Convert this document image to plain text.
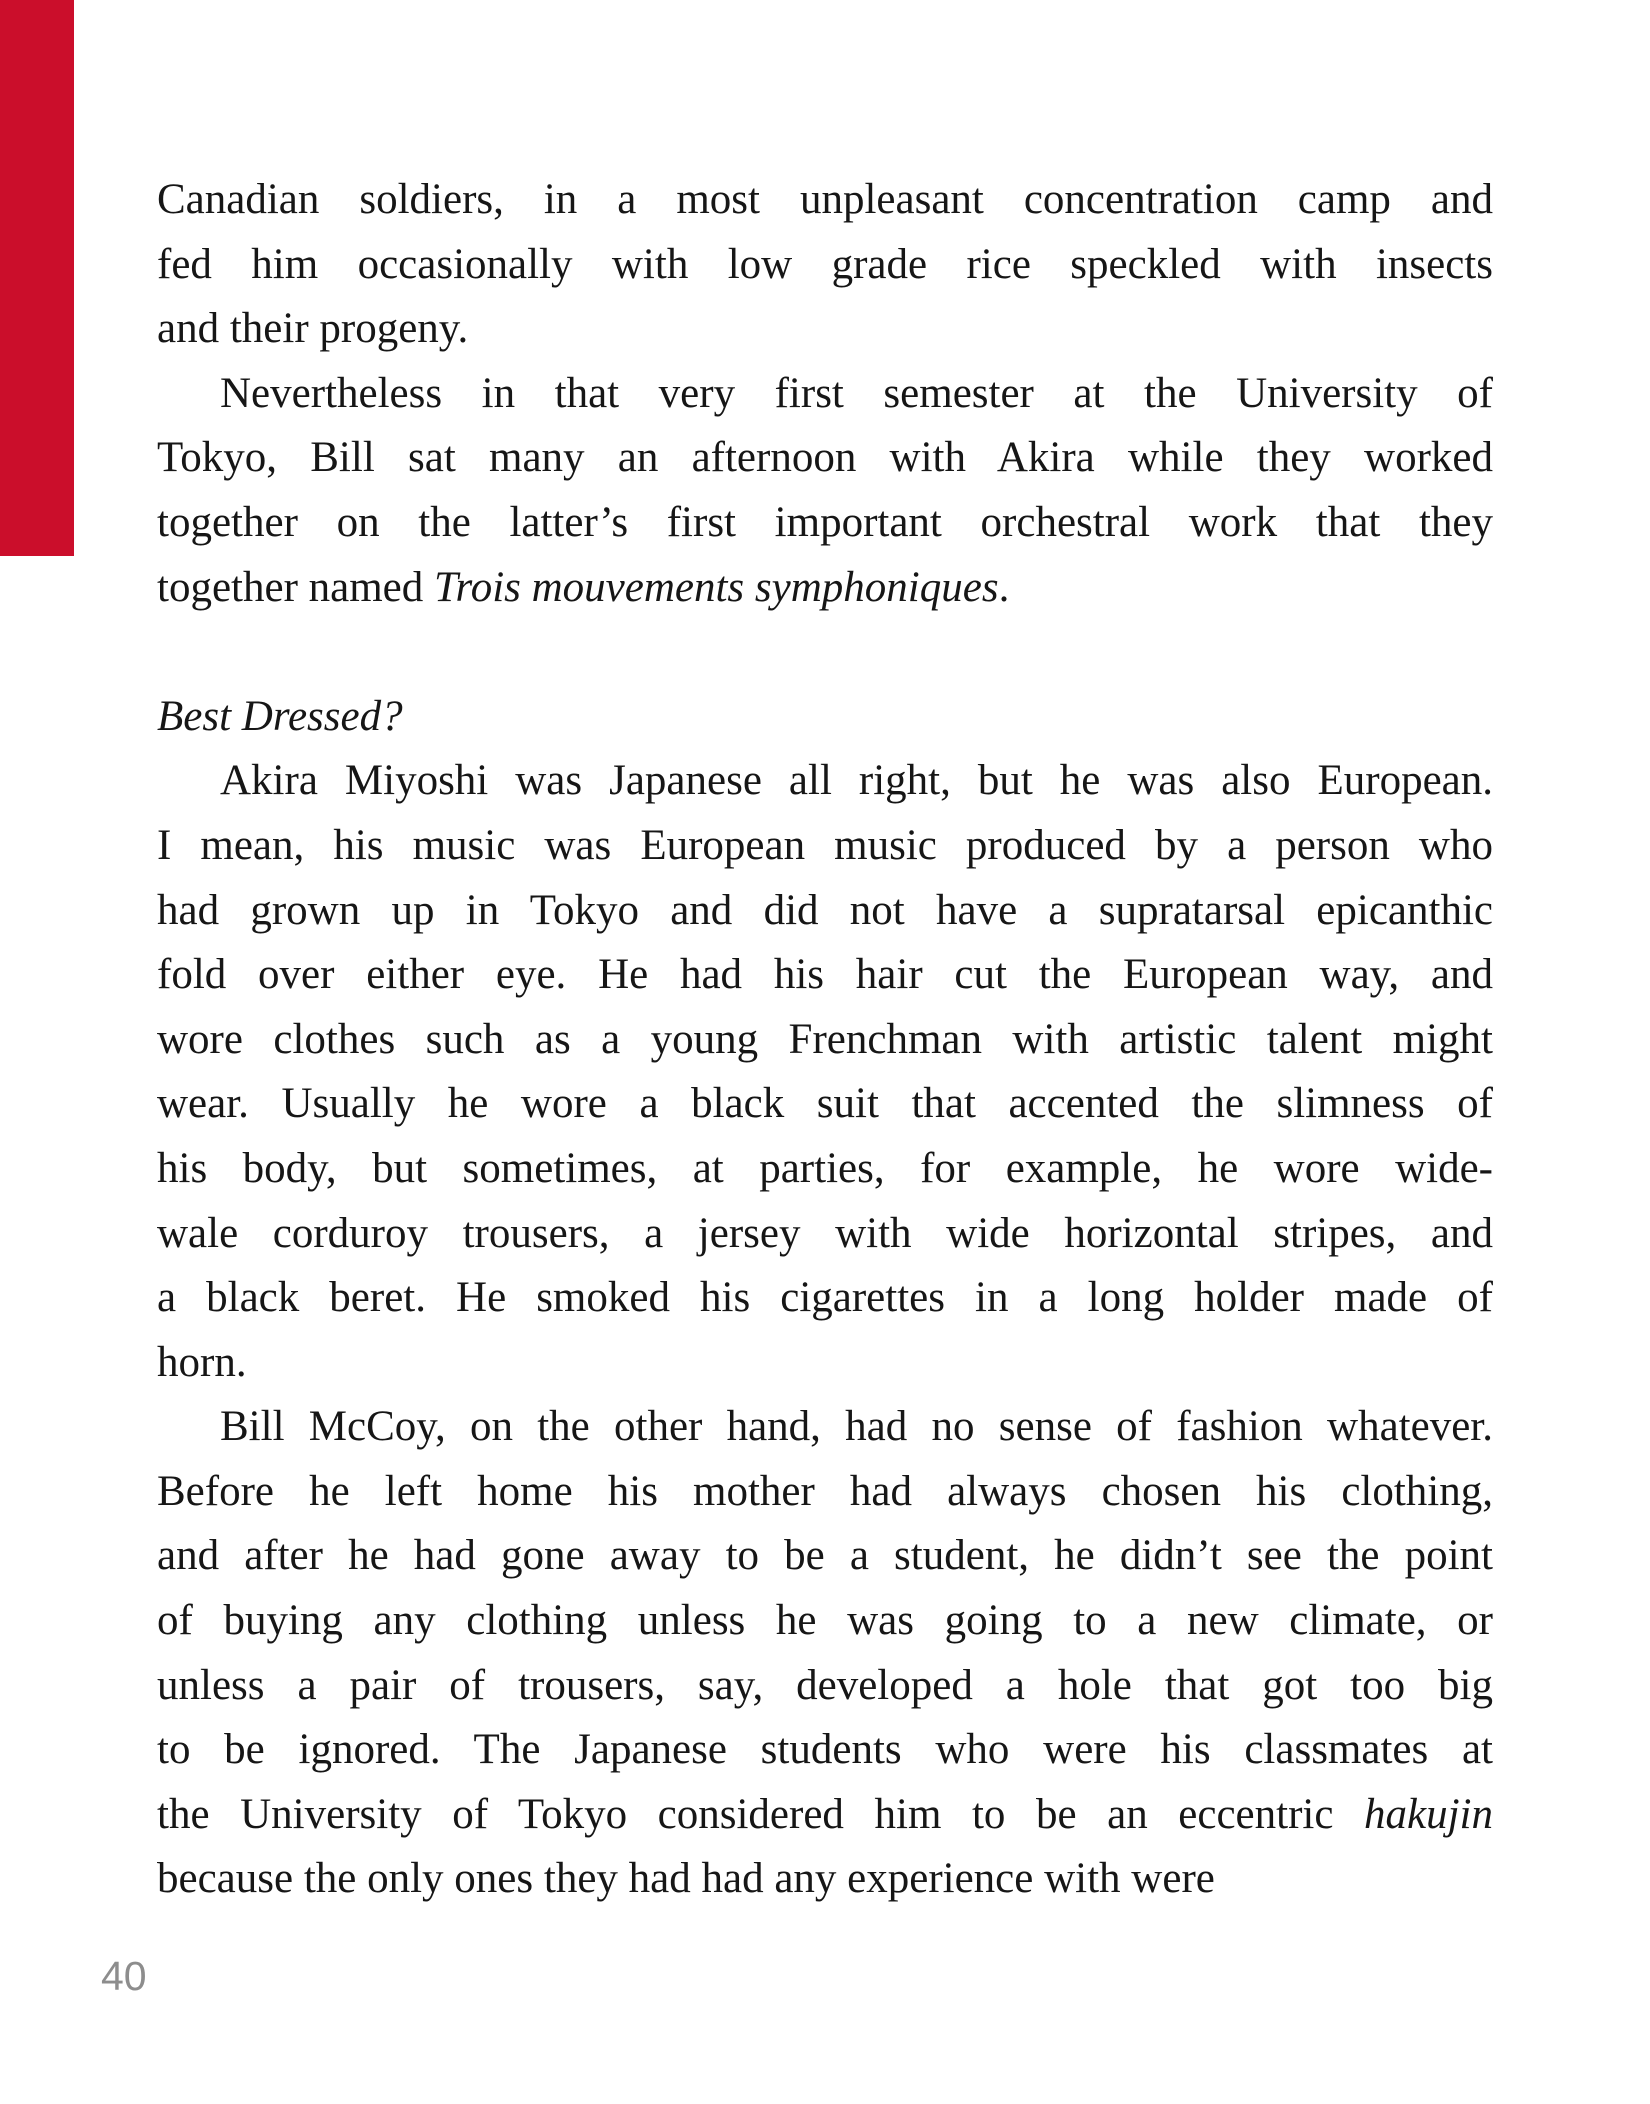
Canadian soldiers, in a most unpleasant concentration camp and
fed him occasionally with low grade rice speckled with insects
and their progeny.
Nevertheless in that very first semester at the University of
Tokyo, Bill sat many an afternoon with Akira while they worked
together on the latter’s first important orchestral work that they
together named Trois mouvements symphoniques.
Best Dressed?
Akira Miyoshi was Japanese all right, but he was also European.
I mean, his music was European music produced by a person who
had grown up in Tokyo and did not have a supratarsal epicanthic
fold over either eye. He had his hair cut the European way, and
wore clothes such as a young Frenchman with artistic talent might
wear. Usually he wore a black suit that accented the slimness of
his body, but sometimes, at parties, for example, he wore wide-
wale corduroy trousers, a jersey with wide horizontal stripes, and
a black beret. He smoked his cigarettes in a long holder made of
horn.
Bill McCoy, on the other hand, had no sense of fashion whatever.
Before he left home his mother had always chosen his clothing,
and after he had gone away to be a student, he didn’t see the point
of buying any clothing unless he was going to a new climate, or
unless a pair of trousers, say, developed a hole that got too big
to be ignored. The Japanese students who were his classmates at
the University of Tokyo considered him to be an eccentric hakujin
because the only ones they had had any experience with were
40
